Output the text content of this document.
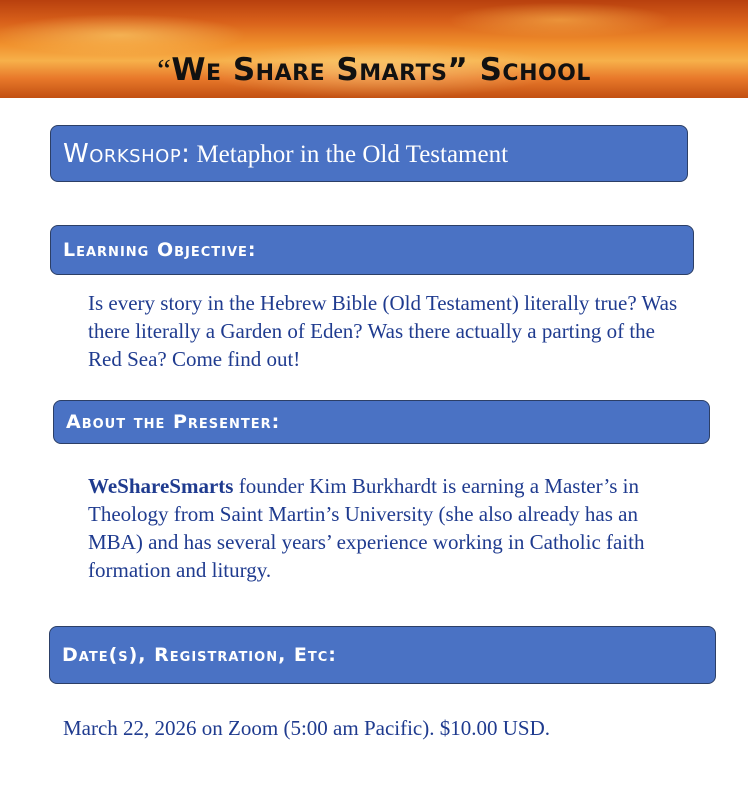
“We Share Smarts” School
Workshop: Metaphor in the Old Testament
Learning Objective:
Is every story in the Hebrew Bible (Old Testament) literally true? Was there literally a Garden of Eden? Was there actually a parting of the Red Sea? Come find out!
About the Presenter:
WeShareSmarts founder Kim Burkhardt is earning a Master’s in Theology from Saint Martin’s University (she also already has an MBA) and has several years’ experience working in Catholic faith formation and liturgy.
Date(s), Registration, Etc:
March 22, 2026 on Zoom (5:00 am Pacific). $10.00 USD.
